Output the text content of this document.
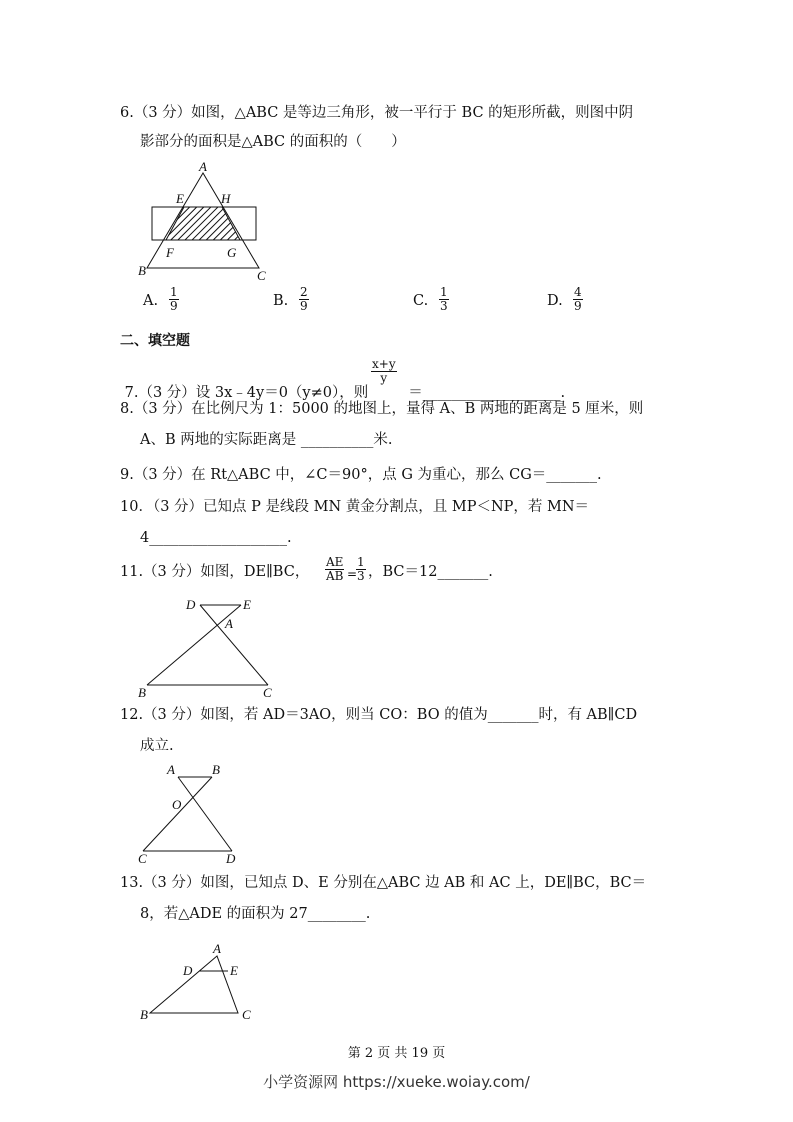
6.（3 分）如图，△ABC 是等边三角形，被一平行于 BC 的矩形所截，则图中阴
影部分的面积是△ABC 的面积的（　　）
A
E	H
F	G
B	C
D	E
A
B	C
A	B
O
C	D
A
D	E
B	C
A. $\frac{1}{9}$	B. $\frac{2}{9}$	C. $\frac{1}{3}$	D. $\frac{4}{9}$
二、填空题

7.（3 分）设 3x﹣4y＝0（y≠0），则	＝___________________.

$\frac{x+y}{y}$
8.（3 分）在比例尺为 1：5000 的地图上，量得 A、B 两地的距离是 5 厘米，则
A、B 两地的实际距离是 __________米.
9.（3 分）在 Rt△ABC 中，∠C＝90°，点 G 为重心，那么 CG＝_______.
10．（3 分）已知点 P 是线段 MN 黄金分割点，且 MP＜NP，若 MN＝
4___________________.
11.（3 分）如图，DE∥BC， $\frac{AE}{AB}$ =
$\frac{1}{3}$ ，BC＝12_______.
12.（3 分）如图，若 AD＝3AO，则当 CO：BO 的值为_______时，有 AB∥CD
成立.
13.（3 分）如图，已知点 D、E 分别在△ABC 边 AB 和 AC 上，DE∥BC，BC＝
8，若△ADE 的面积为 27________.
第 2 页 共 19 页
小学资源网 https://xueke.woiay.com/
